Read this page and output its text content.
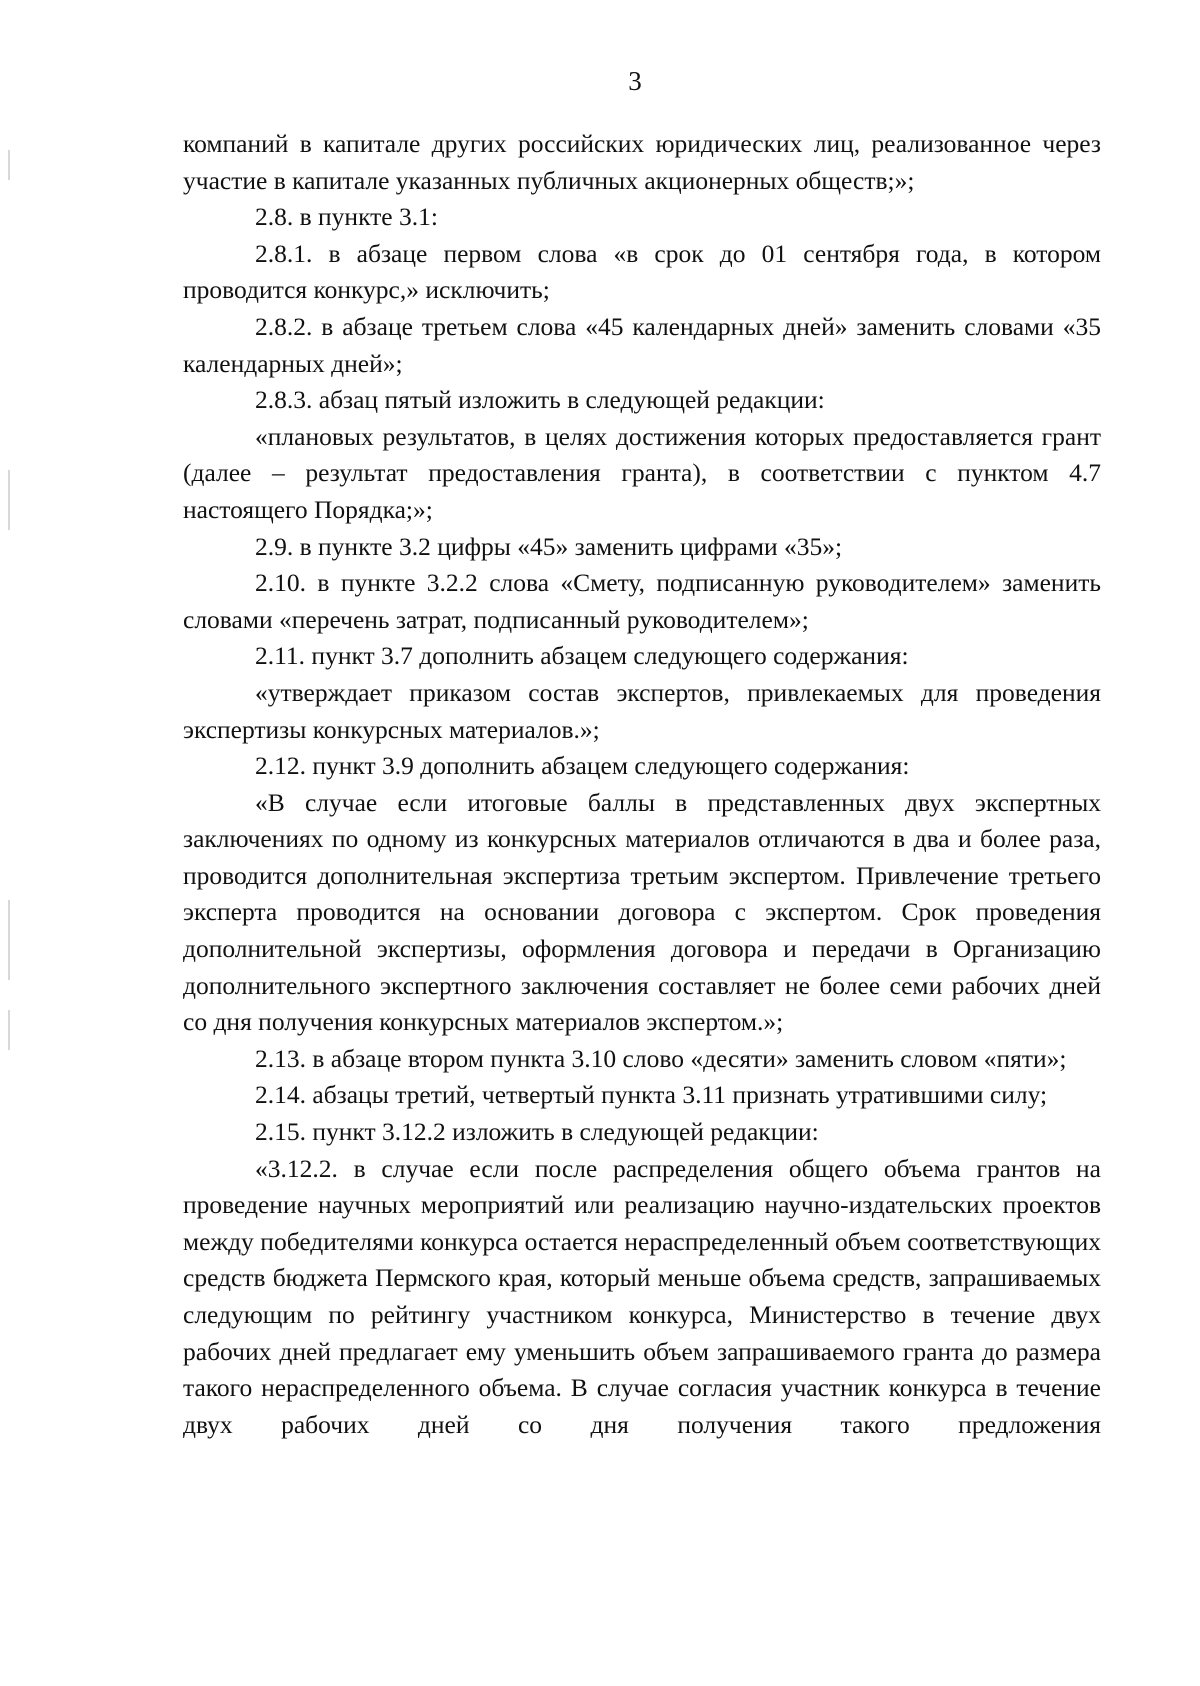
3

компаний в капитале других российских юридических лиц, реализованное через участие в капитале указанных публичных акционерных обществ;»;

2.8. в пункте 3.1:

2.8.1. в абзаце первом слова «в срок до 01 сентября года, в котором проводится конкурс,» исключить;

2.8.2. в абзаце третьем слова «45 календарных дней» заменить словами «35 календарных дней»;

2.8.3. абзац пятый изложить в следующей редакции:

«плановых результатов, в целях достижения которых предоставляется грант (далее – результат предоставления гранта), в соответствии с пунктом 4.7 настоящего Порядка;»;

2.9. в пункте 3.2 цифры «45» заменить цифрами «35»;

2.10. в пункте 3.2.2 слова «Смету, подписанную руководителем» заменить словами «перечень затрат, подписанный руководителем»;

2.11. пункт 3.7 дополнить абзацем следующего содержания:

«утверждает приказом состав экспертов, привлекаемых для проведения экспертизы конкурсных материалов.»;

2.12. пункт 3.9 дополнить абзацем следующего содержания:

«В случае если итоговые баллы в представленных двух экспертных заключениях по одному из конкурсных материалов отличаются в два и более раза, проводится дополнительная экспертиза третьим экспертом. Привлечение третьего эксперта проводится на основании договора с экспертом. Срок проведения дополнительной экспертизы, оформления договора и передачи в Организацию дополнительного экспертного заключения составляет не более семи рабочих дней со дня получения конкурсных материалов экспертом.»;

2.13. в абзаце втором пункта 3.10 слово «десяти» заменить словом «пяти»;

2.14. абзацы третий, четвертый пункта 3.11 признать утратившими силу;

2.15. пункт 3.12.2 изложить в следующей редакции:

«3.12.2. в случае если после распределения общего объема грантов на проведение научных мероприятий или реализацию научно-издательских проектов между победителями конкурса остается нераспределенный объем соответствующих средств бюджета Пермского края, который меньше объема средств, запрашиваемых следующим по рейтингу участником конкурса, Министерство в течение двух рабочих дней предлагает ему уменьшить объем запрашиваемого гранта до размера такого нераспределенного объема. В случае согласия участник конкурса в течение двух рабочих дней со дня получения такого предложения
